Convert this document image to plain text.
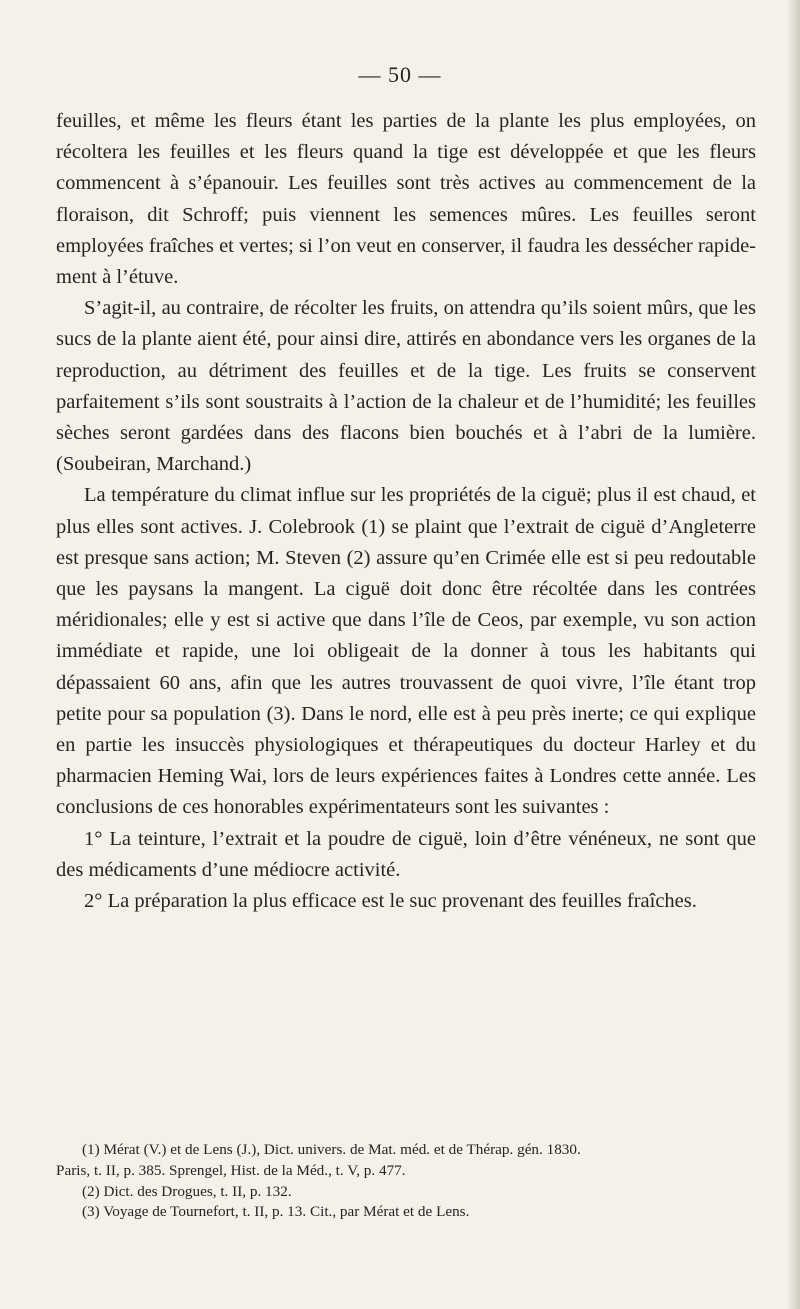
— 50 —

feuilles, et même les fleurs étant les parties de la plante les plus employées, on récoltera les feuilles et les fleurs quand la tige est développée et que les fleurs commencent à s’épanouir. Les feuilles sont très actives au commencement de la floraison, dit Schroff; puis viennent les semences mûres. Les feuilles seront employées fraîches et vertes; si l’on veut en conserver, il faudra les dessécher rapidement à l’étuve.

S’agit-il, au contraire, de récolter les fruits, on attendra qu’ils soient mûrs, que les sucs de la plante aient été, pour ainsi dire, attirés en abondance vers les organes de la reproduction, au détriment des feuilles et de la tige. Les fruits se conservent parfaitement s’ils sont soustraits à l’action de la chaleur et de l’humidité; les feuilles sèches seront gardées dans des flacons bien bouchés et à l’abri de la lumière. (Soubeiran, Marchand.)

La température du climat influe sur les propriétés de la ciguë; plus il est chaud, et plus elles sont actives. J. Colebrook (1) se plaint que l’extrait de ciguë d’Angleterre est presque sans action; M. Steven (2) assure qu’en Crimée elle est si peu redoutable que les paysans la mangent. La ciguë doit donc être récoltée dans les contrées méridionales; elle y est si active que dans l’île de Ceos, par exemple, vu son action immédiate et rapide, une loi obligeait de la donner à tous les habitants qui dépassaient 60 ans, afin que les autres trouvassent de quoi vivre, l’île étant trop petite pour sa population (3). Dans le nord, elle est à peu près inerte; ce qui explique en partie les insuccès physiologiques et thérapeutiques du docteur Harley et du pharmacien Heming Wai, lors de leurs expériences faites à Londres cette année. Les conclusions de ces honorables expérimentateurs sont les suivantes :

1° La teinture, l’extrait et la poudre de ciguë, loin d’être vénéneux, ne sont que des médicaments d’une médiocre activité.

2° La préparation la plus efficace est le suc provenant des feuilles fraîches.

(1) Mérat (V.) et de Lens (J.), Dict. univers. de Mat. méd. et de Thérap. gén. 1830.

Paris, t. II, p. 385. Sprengel, Hist. de la Méd., t. V, p. 477.

(2) Dict. des Drogues, t. II, p. 132.

(3) Voyage de Tournefort, t. II, p. 13. Cit., par Mérat et de Lens.
